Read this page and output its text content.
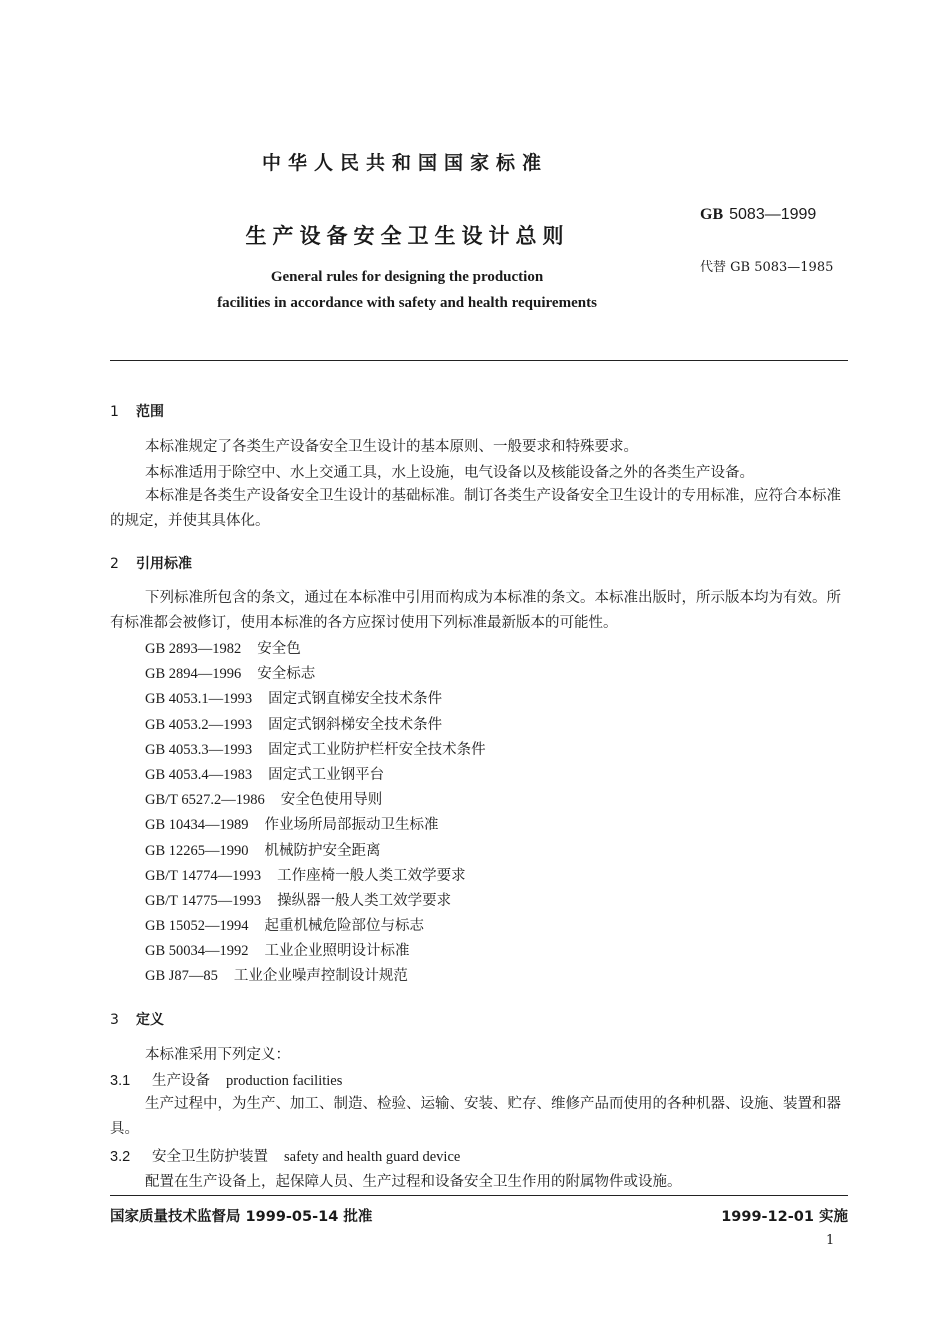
中华人民共和国国家标准
GB 5083—1999
生产设备安全卫生设计总则
代替 GB 5083—1985
General rules for designing the production
facilities in accordance with safety and health requirements
1 范围
本标准规定了各类生产设备安全卫生设计的基本原则、一般要求和特殊要求。
本标准适用于除空中、水上交通工具，水上设施，电气设备以及核能设备之外的各类生产设备。
本标准是各类生产设备安全卫生设计的基础标准。制订各类生产设备安全卫生设计的专用标准，应符合本标准的规定，并使其具体化。
2 引用标准
下列标准所包含的条文，通过在本标准中引用而构成为本标准的条文。本标准出版时，所示版本均为有效。所有标准都会被修订，使用本标准的各方应探讨使用下列标准最新版本的可能性。
GB 2893—1982 安全色
GB 2894—1996 安全标志
GB 4053.1—1993 固定式钢直梯安全技术条件
GB 4053.2—1993 固定式钢斜梯安全技术条件
GB 4053.3—1993 固定式工业防护栏杆安全技术条件
GB 4053.4—1983 固定式工业钢平台
GB/T 6527.2—1986 安全色使用导则
GB 10434—1989 作业场所局部振动卫生标准
GB 12265—1990 机械防护安全距离
GB/T 14774—1993 工作座椅一般人类工效学要求
GB/T 14775—1993 操纵器一般人类工效学要求
GB 15052—1994 起重机械危险部位与标志
GB 50034—1992 工业企业照明设计标准
GB J87—85 工业企业噪声控制设计规范
3 定义
本标准采用下列定义：
3.1 生产设备 production facilities
生产过程中，为生产、加工、制造、检验、运输、安装、贮存、维修产品而使用的各种机器、设施、装置和器具。
3.2 安全卫生防护装置 safety and health guard device
配置在生产设备上，起保障人员、生产过程和设备安全卫生作用的附属物件或设施。
国家质量技术监督局 1999-05-14 批准	1999-12-01 实施
1
